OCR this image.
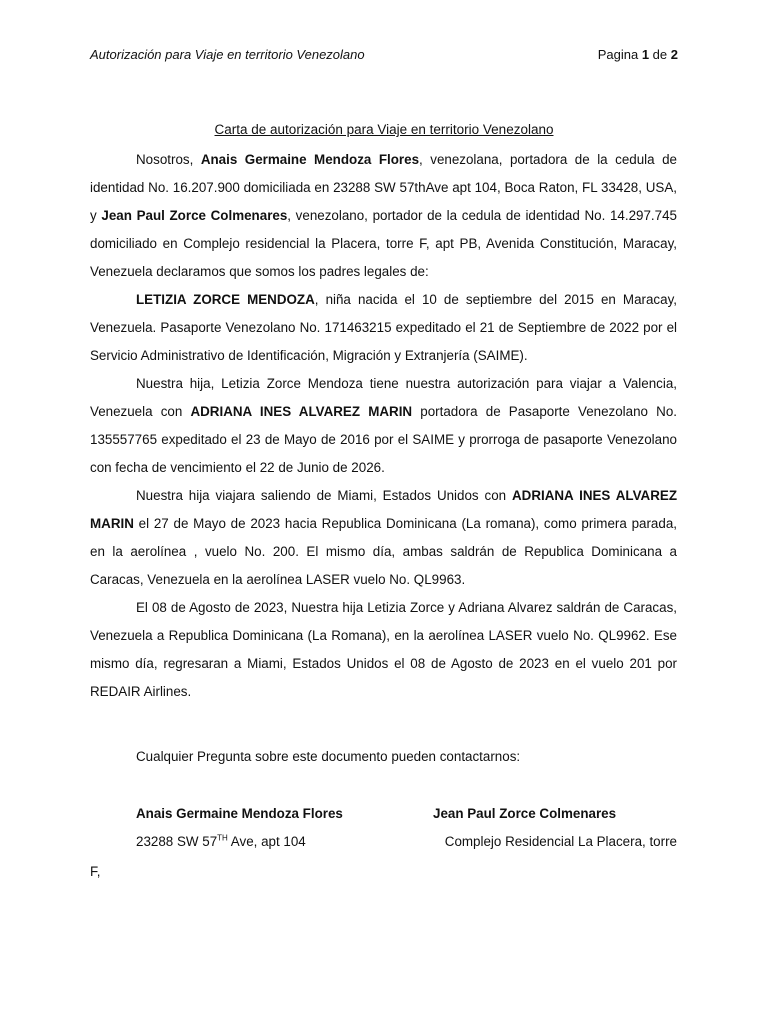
Autorización para Viaje en territorio Venezolano	Pagina 1 de 2
Carta de autorización para Viaje en territorio Venezolano

Nosotros, Anais Germaine Mendoza Flores, venezolana, portadora de la cedula de identidad No. 16.207.900 domiciliada en 23288 SW 57thAve apt 104, Boca Raton, FL 33428, USA, y Jean Paul Zorce Colmenares, venezolano, portador de la cedula de identidad No. 14.297.745 domiciliado en Complejo residencial la Placera, torre F, apt PB, Avenida Constitución, Maracay, Venezuela declaramos que somos los padres legales de:

LETIZIA ZORCE MENDOZA, niña nacida el 10 de septiembre del 2015 en Maracay, Venezuela. Pasaporte Venezolano No. 171463215 expeditado el 21 de Septiembre de 2022 por el Servicio Administrativo de Identificación, Migración y Extranjería (SAIME).

Nuestra hija, Letizia Zorce Mendoza tiene nuestra autorización para viajar a Valencia, Venezuela con ADRIANA INES ALVAREZ MARIN portadora de Pasaporte Venezolano No. 135557765 expeditado el 23 de Mayo de 2016 por el SAIME y prorroga de pasaporte Venezolano con fecha de vencimiento el 22 de Junio de 2026.

Nuestra hija viajara saliendo de Miami, Estados Unidos con ADRIANA INES ALVAREZ MARIN el 27 de Mayo de 2023 hacia Republica Dominicana (La romana), como primera parada, en la aerolínea , vuelo No. 200. El mismo día, ambas saldrán de Republica Dominicana a Caracas, Venezuela en la aerolínea LASER vuelo No. QL9963.

El 08 de Agosto de 2023, Nuestra hija Letizia Zorce y Adriana Alvarez saldrán de Caracas, Venezuela a Republica Dominicana (La Romana), en la aerolínea LASER vuelo No. QL9962. Ese mismo día, regresaran a Miami, Estados Unidos el 08 de Agosto de 2023 en el vuelo 201 por REDAIR Airlines.

Cualquier Pregunta sobre este documento pueden contactarnos:
Anais Germaine Mendoza Flores	Jean Paul Zorce Colmenares
23288 SW 57TH Ave, apt 104	Complejo Residencial La Placera, torre
F,
